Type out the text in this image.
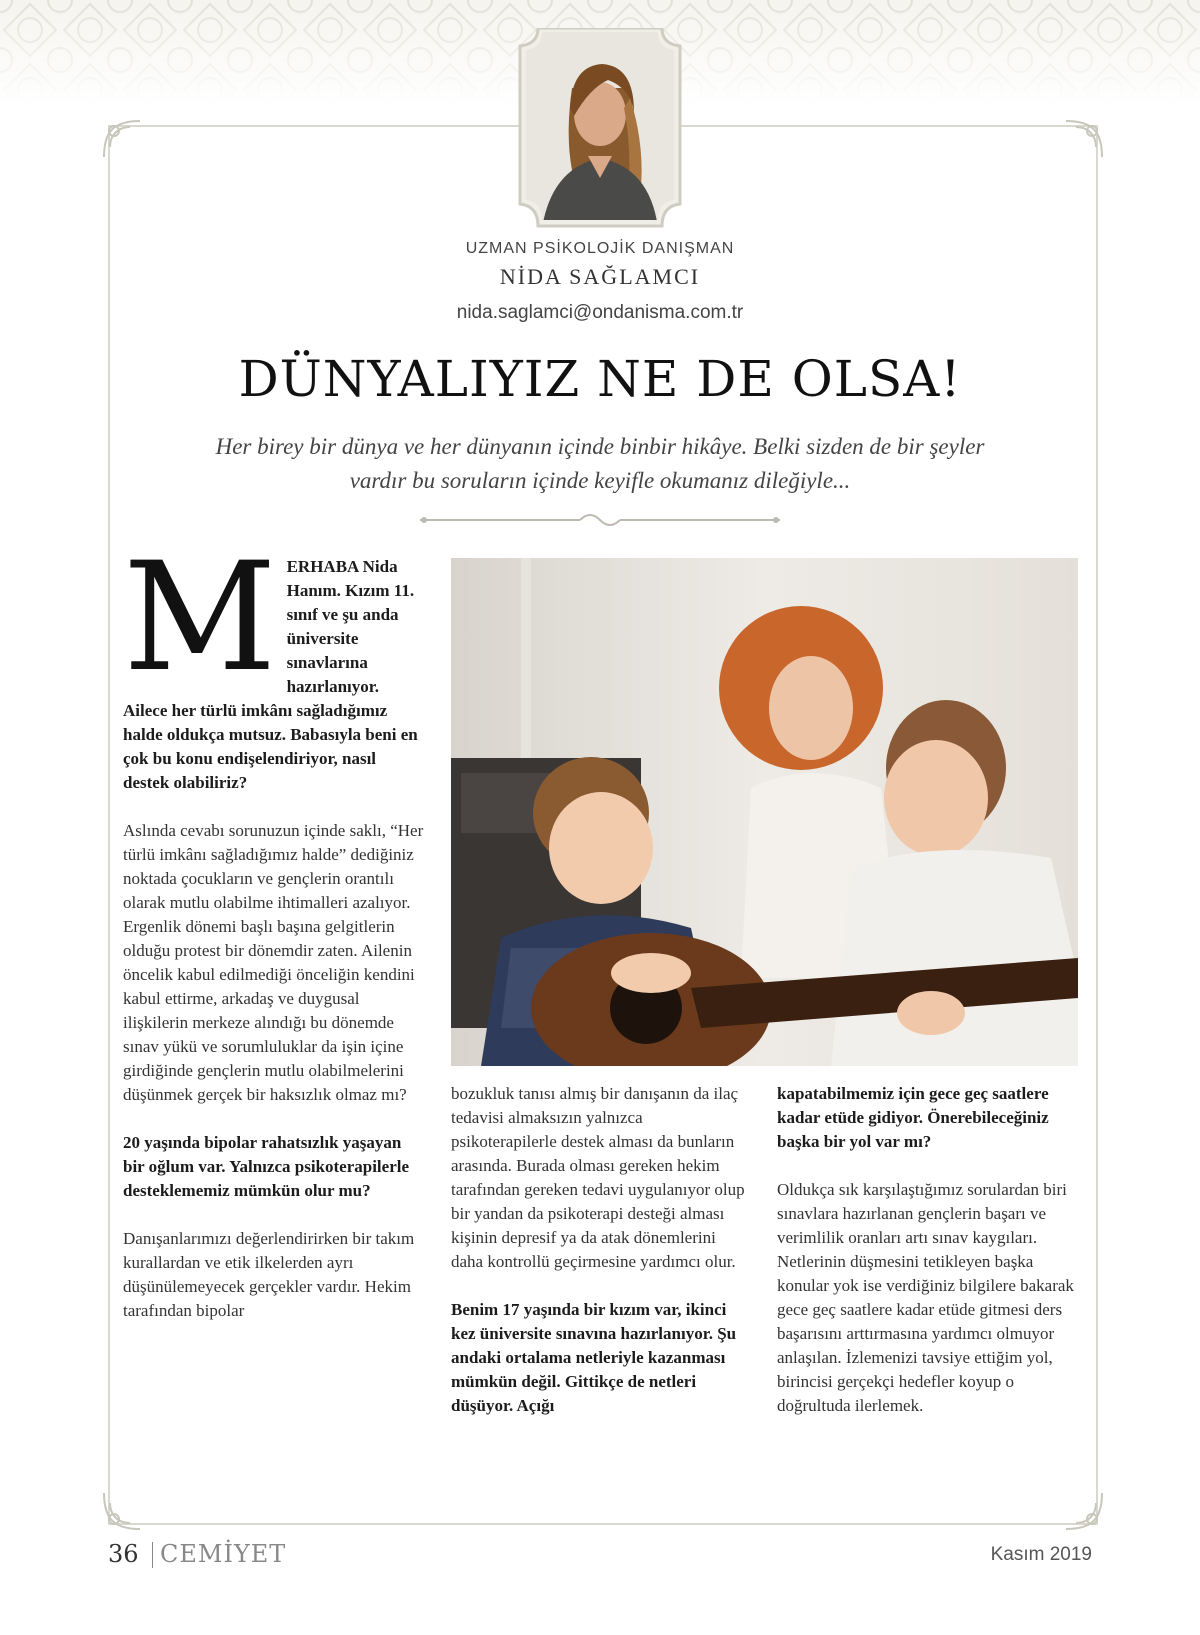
UZMAN PSİKOLOJİK DANIŞMAN
NİDA SAĞLAMCI
nida.saglamci@ondanisma.com.tr
DÜNYALIYIZ NE DE OLSA!
Her birey bir dünya ve her dünyanın içinde binbir hikâye. Belki sizden de bir şeyler vardır bu soruların içinde keyifle okumanız dileğiyle...
M ERHABA Nida Hanım. Kızım 11. sınıf ve şu anda üniversite sınavlarına hazırlanıyor. Ailece her türlü imkânı sağladığımız halde oldukça mutsuz. Babasıyla beni en çok bu konu endişelendiriyor, nasıl destek olabiliriz?

Aslında cevabı sorunuzun içinde saklı, “Her türlü imkânı sağladığımız halde” dediğiniz noktada çocukların ve gençlerin orantılı olarak mutlu olabilme ihtimalleri azalıyor. Ergenlik dönemi başlı başına gelgitlerin olduğu protest bir dönemdir zaten. Ailenin öncelik kabul edilmediği önceliğin kendini kabul ettirme, arkadaş ve duygusal ilişkilerin merkeze alındığı bu dönemde sınav yükü ve sorumluluklar da işin içine girdiğinde gençlerin mutlu olabilmelerini düşünmek gerçek bir haksızlık olmaz mı?

20 yaşında bipolar rahatsızlık yaşayan bir oğlum var. Yalnızca psikoterapilerle desteklememiz mümkün olur mu?

Danışanlarımızı değerlendirirken bir takım kurallardan ve etik ilkelerden ayrı düşünülemeyecek gerçekler vardır. Hekim tarafından bipolar

bozukluk tanısı almış bir danışanın da ilaç tedavisi almaksızın yalnızca psikoterapilerle destek alması da bunların arasında. Burada olması gereken hekim tarafından gereken tedavi uygulanıyor olup bir yandan da psikoterapi desteği alması kişinin depresif ya da atak dönemlerini daha kontrollü geçirmesine yardımcı olur.

Benim 17 yaşında bir kızım var, ikinci kez üniversite sınavına hazırlanıyor. Şu andaki ortalama netleriyle kazanması mümkün değil. Gittikçe de netleri düşüyor. Açığı

kapatabilmemiz için gece geç saatlere kadar etüde gidiyor. Önerebileceğiniz başka bir yol var mı?

Oldukça sık karşılaştığımız sorulardan biri sınavlara hazırlanan gençlerin başarı ve verimlilik oranları artı sınav kaygıları. Netlerinin düşmesini tetikleyen başka konular yok ise verdiğiniz bilgilere bakarak gece geç saatlere kadar etüde gitmesi ders başarısını arttırmasına yardımcı olmuyor anlaşılan. İzlemenizi tavsiye ettiğim yol, birincisi gerçekçi hedefler koyup o doğrultuda ilerlemek.

36 CEMİYET	Kasım 2019
